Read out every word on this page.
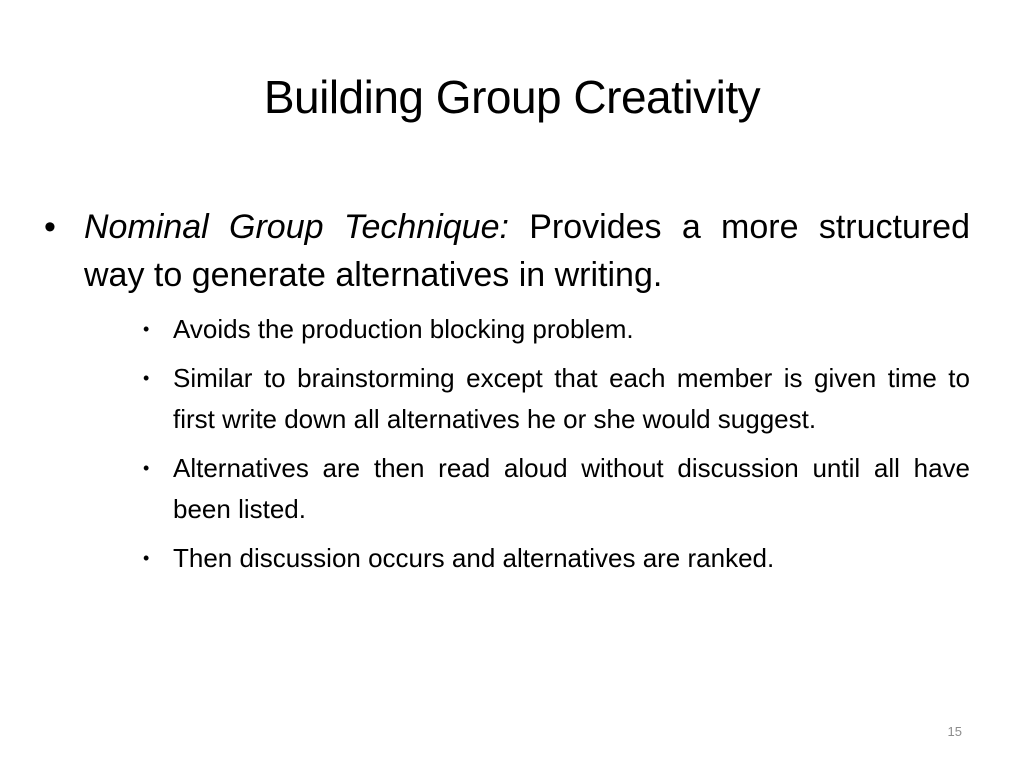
Building Group Creativity

• Nominal Group Technique: Provides a more structured way to generate alternatives in writing.

• Avoids the production blocking problem.
• Similar to brainstorming except that each member is given time to first write down all alternatives he or she would suggest.
• Alternatives are then read aloud without discussion until all have been listed.
• Then discussion occurs and alternatives are ranked.
15
